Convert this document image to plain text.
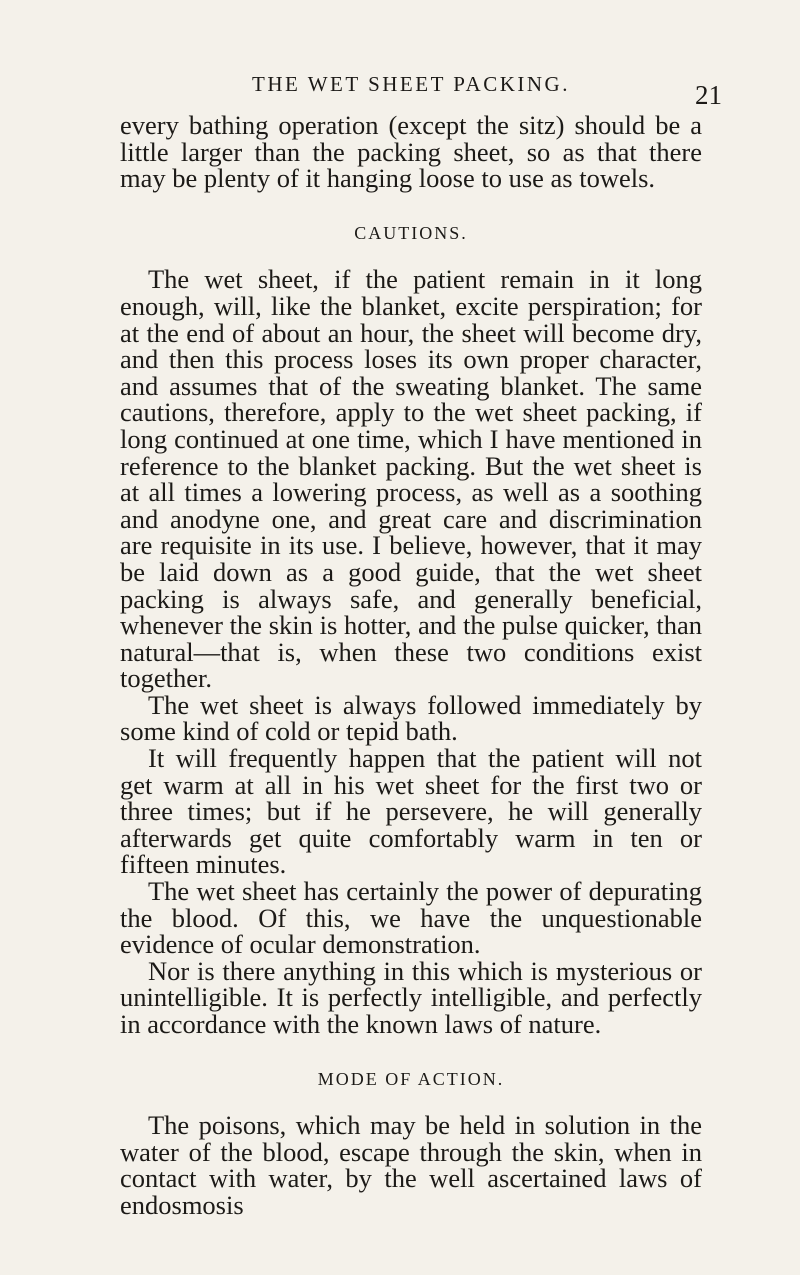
THE WET SHEET PACKING.	21

every bathing operation (except the sitz) should be a little larger than the packing sheet, so as that there may be plenty of it hanging loose to use as towels.

CAUTIONS.

The wet sheet, if the patient remain in it long enough, will, like the blanket, excite perspiration; for at the end of about an hour, the sheet will become dry, and then this process loses its own proper character, and assumes that of the sweating blanket. The same cautions, therefore, apply to the wet sheet packing, if long continued at one time, which I have mentioned in reference to the blanket packing. But the wet sheet is at all times a lowering process, as well as a soothing and anodyne one, and great care and discrimination are requisite in its use. I believe, however, that it may be laid down as a good guide, that the wet sheet packing is always safe, and generally beneficial, whenever the skin is hotter, and the pulse quicker, than natural—that is, when these two conditions exist together.

The wet sheet is always followed immediately by some kind of cold or tepid bath.

It will frequently happen that the patient will not get warm at all in his wet sheet for the first two or three times; but if he persevere, he will generally afterwards get quite comfortably warm in ten or fifteen minutes.

The wet sheet has certainly the power of depurating the blood. Of this, we have the unquestionable evidence of ocular demonstration.

Nor is there anything in this which is mysterious or unintelligible. It is perfectly intelligible, and perfectly in accordance with the known laws of nature.

MODE OF ACTION.

The poisons, which may be held in solution in the water of the blood, escape through the skin, when in contact with water, by the well ascertained laws of endosmosis
